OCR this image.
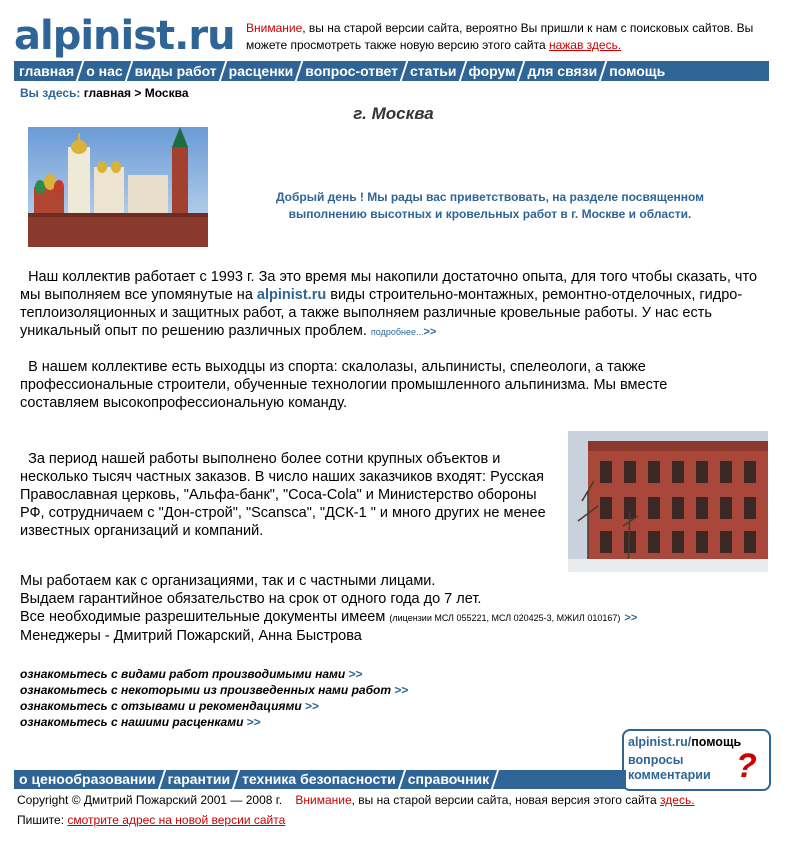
alpinist.ru Внимание, вы на старой версии сайта, вероятно Вы пришли к нам с поисковых сайтов. Вы можете просмотреть также новую версию этого сайта нажав здесь.
главная о нас виды работ расценки вопрос-ответ статьи форум для связи помощь
Вы здесь: главная > Москва
г. Москва
Добрый день ! Мы рады вас приветствовать, на разделе посвященном выполнению высотных и кровельных работ в г. Москве и области.
Наш коллектив работает с 1993 г. За это время мы накопили достаточно опыта, для того чтобы сказать, что мы выполняем все упомянутые на alpinist.ru виды строительно-монтажных, ремонтно-отделочных, гидро-теплоизоляционных и защитных работ, а также выполняем различные кровельные работы. У нас есть уникальный опыт по решению различных проблем. подробнее...>>
В нашем коллективе есть выходцы из спорта: скалолазы, альпинисты, спелеологи, а также профессиональные строители, обученные технологии промышленного альпинизма. Мы вместе составляем высокопрофессиональную команду.
За период нашей работы выполнено более сотни крупных объектов и несколько тысяч частных заказов. В число наших заказчиков входят: Русская Православная церковь, "Альфа-банк", "Coca-Cola" и Министерство обороны РФ, сотрудничаем с "Дон-строй", "Scansca", "ДСК-1 " и много других не менее известных организаций и компаний.
Мы работаем как с организациями, так и с частными лицами.
Выдаем гарантийное обязательство на срок от одного года до 7 лет.
Все необходимые разрешительные документы имеем (лицензии МСЛ 055221, МСЛ 020425-3, МЖИЛ 010167) >>
Менеджеры - Дмитрий Пожарский, Анна Быстрова
ознакомьтесь с видами работ производимыми нами >>
ознакомьтесь с некоторыми из произведенных нами работ >>
ознакомьтесь с отзывами и рекомендациями >>
ознакомьтесь с нашими расценками >>
alpinist.ru/помощь
вопросы
комментарии ?
о ценообразовании гарантии техника безопасности справочник
Copyright © Дмитрий Пожарский 2001 — 2008 г. Внимание, вы на старой версии сайта, новая версия этого сайта здесь.
Пишите: смотрите адрес на новой версии сайта
